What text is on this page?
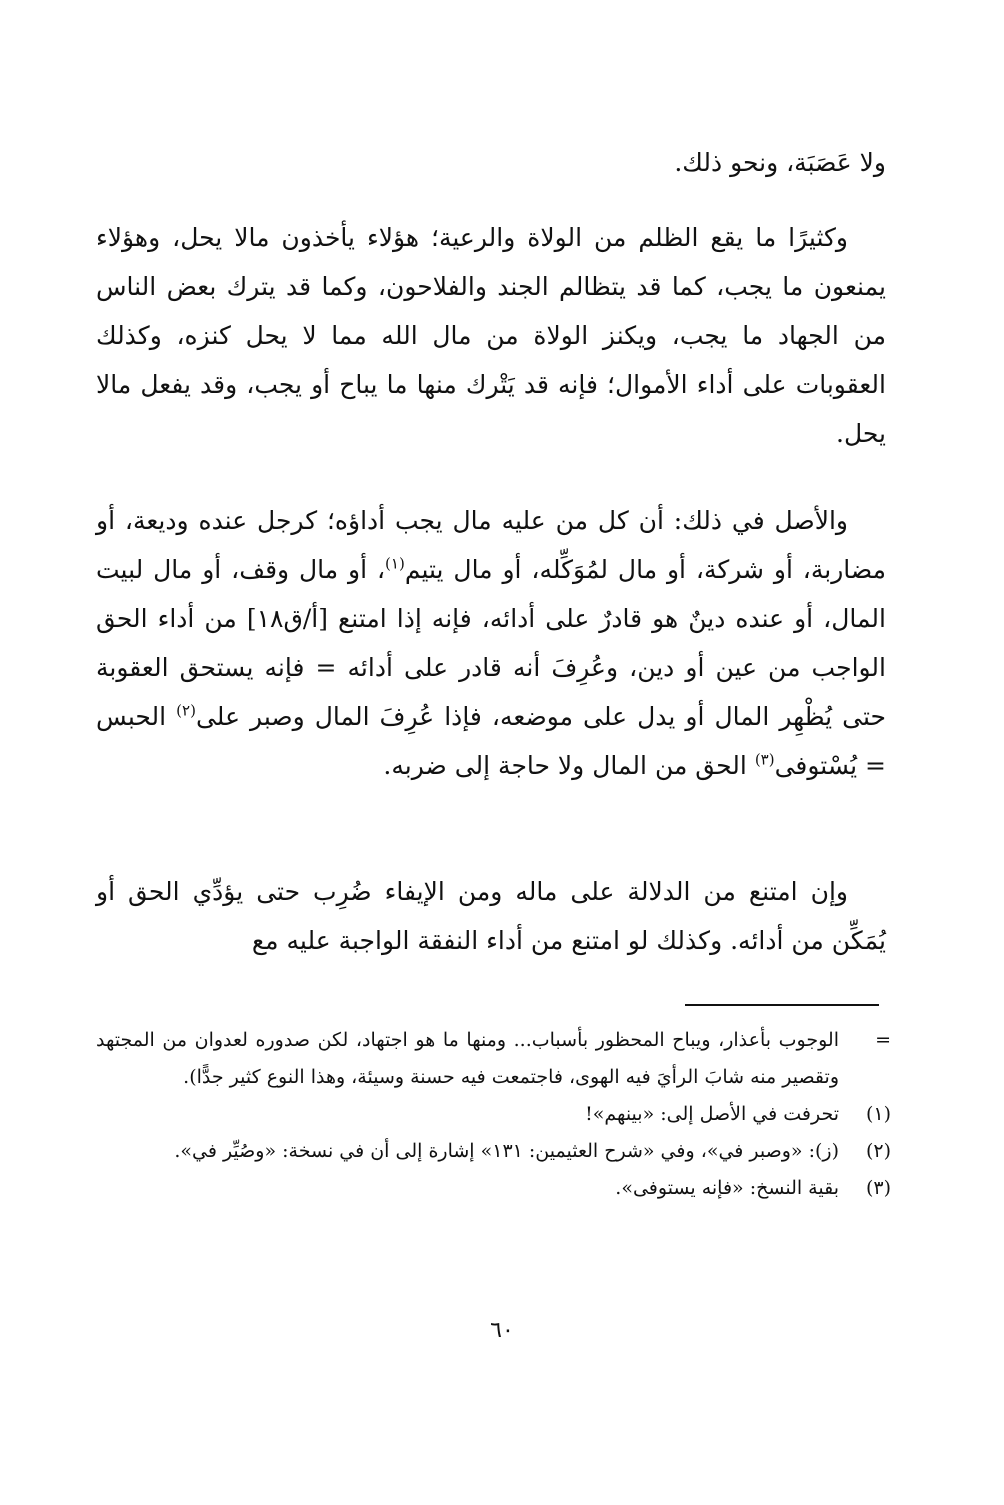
ولا عَصَبَة، ونحو ذلك.

وكثيرًا ما يقع الظلم من الولاة والرعية؛ هؤلاء يأخذون مالا يحل، وهؤلاء يمنعون ما يجب، كما قد يتظالم الجند والفلاحون، وكما قد يترك بعض الناس من الجهاد ما يجب، ويكنز الولاة من مال الله مما لا يحل كنزه، وكذلك العقوبات على أداء الأموال؛ فإنه قد يَتْرك منها ما يباح أو يجب، وقد يفعل مالا يحل.

والأصل في ذلك: أن كل من عليه مال يجب أداؤه؛ كرجل عنده وديعة، أو مضاربة، أو شركة، أو مال لمُوَكِّله، أو مال يتيم$^{(١)}$، أو مال وقف، أو مال لبيت المال، أو عنده دينٌ هو قادرٌ على أدائه، فإنه إذا امتنع [أ/ق١٨] من أداء الحق الواجب من عين أو دين، وعُرِفَ أنه قادر على أدائه = فإنه يستحق العقوبة حتى يُظْهِر المال أو يدل على موضعه، فإذا عُرِفَ المال وصبر على$^{(٢)}$ الحبس = يُسْتوفى$^{(٣)}$ الحق من المال ولا حاجة إلى ضربه.

وإن امتنع من الدلالة على ماله ومن الإيفاء ضُرِب حتى يؤدِّي الحق أو يُمَكِّن من أدائه. وكذلك لو امتنع من أداء النفقة الواجبة عليه مع

=
الوجوب بأعذار، ويباح المحظور بأسباب... ومنها ما هو اجتهاد، لكن صدوره لعدوان من المجتهد وتقصير منه شابَ الرأيَ فيه الهوى، فاجتمعت فيه حسنة وسيئة، وهذا النوع كثير جدًّا).
(١)
تحرفت في الأصل إلى: «بينهم»!
(٢)
(ز): «وصبر في»، وفي «شرح العثيمين: ١٣١» إشارة إلى أن في نسخة: «وصُيِّر في».
(٣)
بقية النسخ: «فإنه يستوفى».
٦٠
